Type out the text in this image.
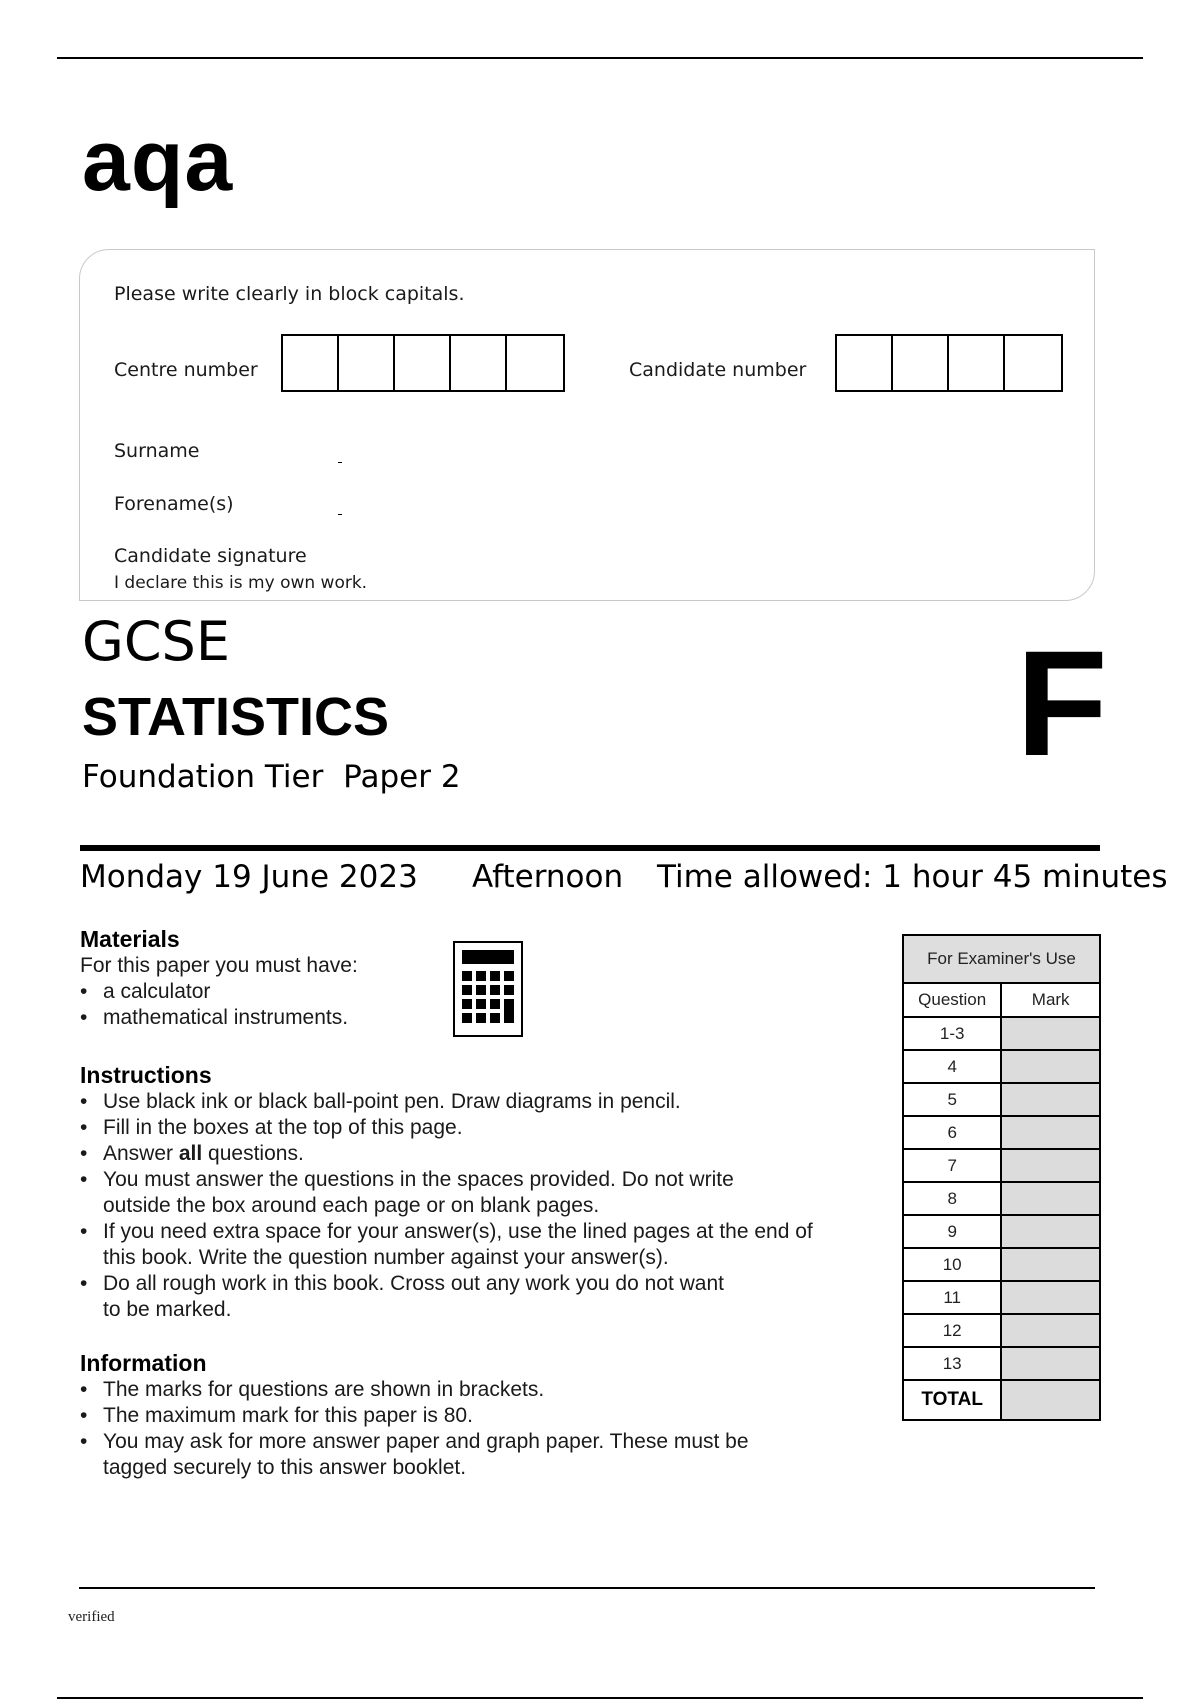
aqa
Please write clearly in block capitals.
Centre number	Candidate number
Surname
Forename(s)
Candidate signature
I declare this is my own work.
GCSE
STATISTICS
Foundation Tier Paper 2	F
Monday 19 June 2023 Afternoon Time allowed: 1 hour 45 minutes
Materials
For this paper you must have:
• a calculator
• mathematical instruments.
Instructions
• Use black ink or black ball-point pen. Draw diagrams in pencil.
• Fill in the boxes at the top of this page.
• Answer all questions.
• You must answer the questions in the spaces provided. Do not write
outside the box around each page or on blank pages.
• If you need extra space for your answer(s), use the lined pages at the end of
this book. Write the question number against your answer(s).
• Do all rough work in this book. Cross out any work you do not want
to be marked.
Information
• The marks for questions are shown in brackets.
• The maximum mark for this paper is 80.
• You may ask for more answer paper and graph paper. These must be
tagged securely to this answer booklet.
For Examiner's Use	
Question	Mark
1-3	
4	
5	
6	
7	
8	
9	
10	
11	
12	
13	
TOTAL	
verified
